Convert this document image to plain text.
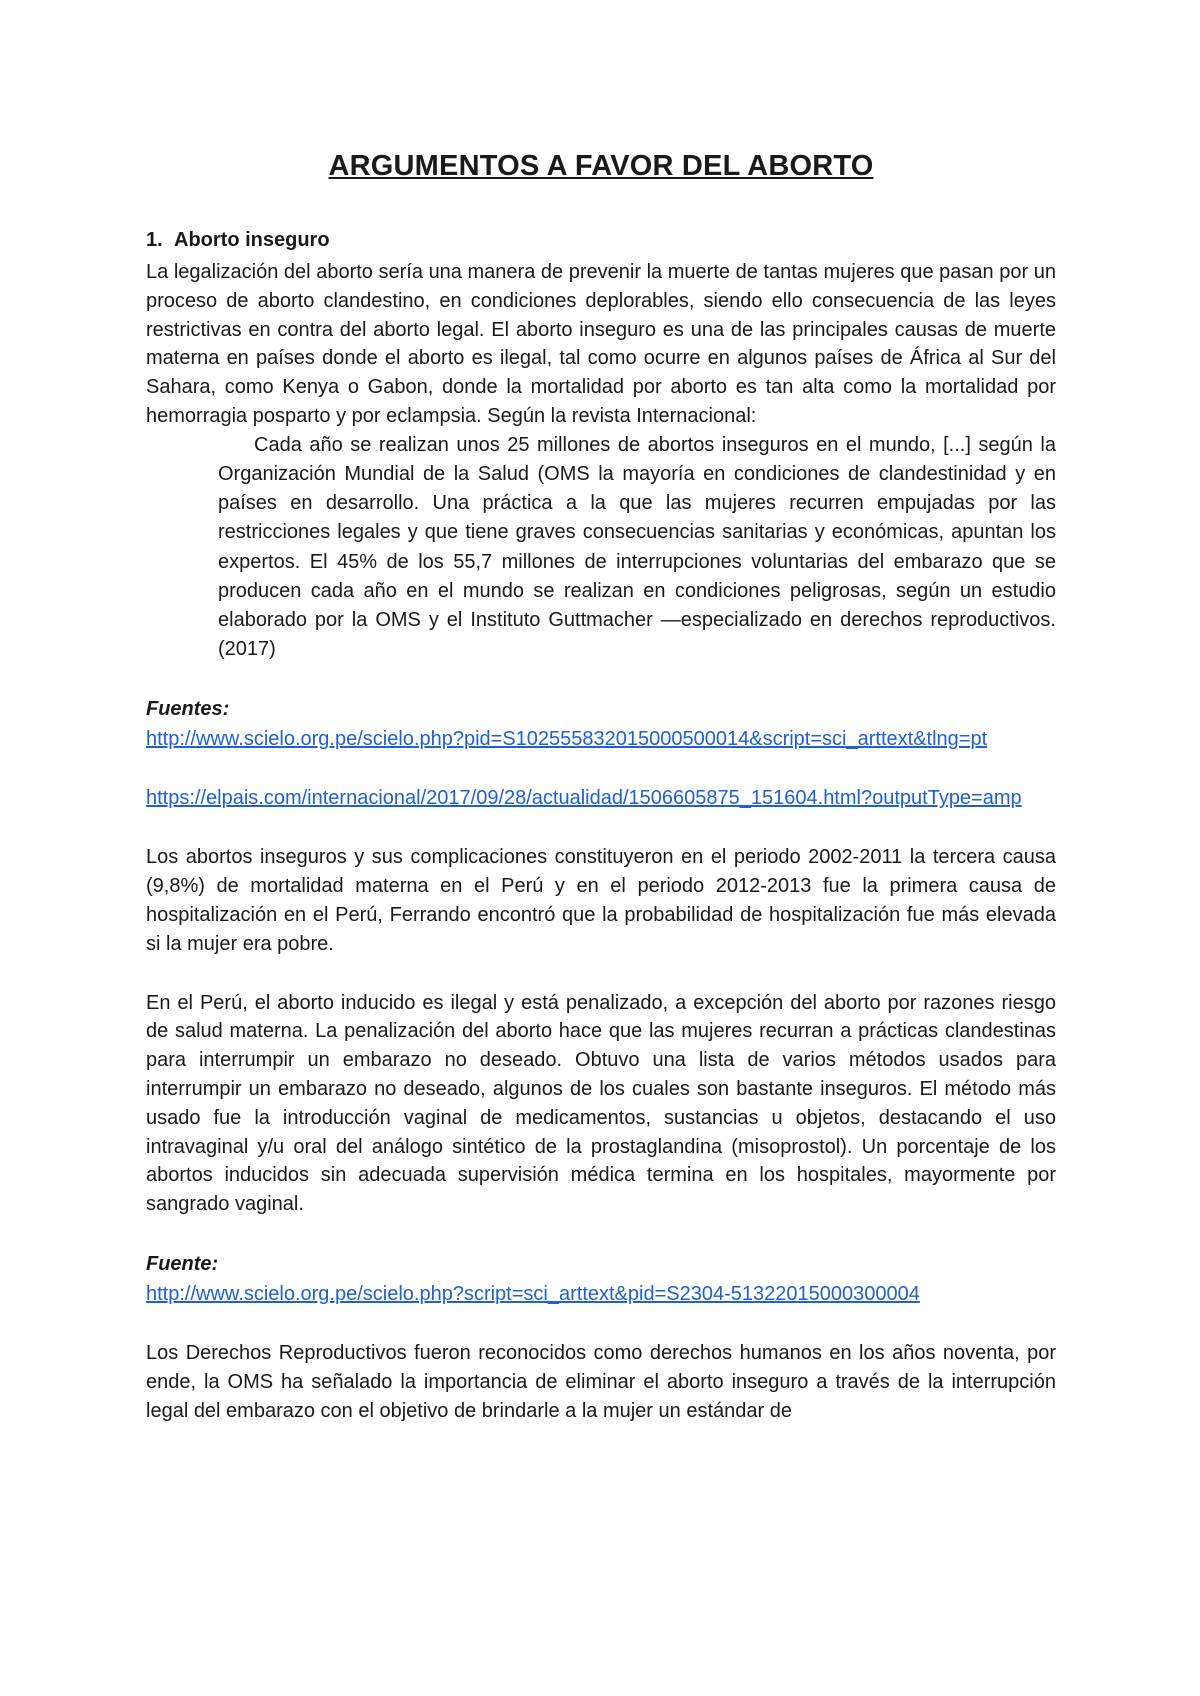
ARGUMENTOS A FAVOR DEL ABORTO
1. Aborto inseguro

La legalización del aborto sería una manera de prevenir la muerte de tantas mujeres que pasan por un proceso de aborto clandestino, en condiciones deplorables, siendo ello consecuencia de las leyes restrictivas en contra del aborto legal. El aborto inseguro es una de las principales causas de muerte materna en países donde el aborto es ilegal, tal como ocurre en algunos países de África al Sur del Sahara, como Kenya o Gabon, donde la mortalidad por aborto es tan alta como la mortalidad por hemorragia posparto y por eclampsia. Según la revista Internacional:

Cada año se realizan unos 25 millones de abortos inseguros en el mundo, [...] según la Organización Mundial de la Salud (OMS la mayoría en condiciones de clandestinidad y en países en desarrollo. Una práctica a la que las mujeres recurren empujadas por las restricciones legales y que tiene graves consecuencias sanitarias y económicas, apuntan los expertos. El 45% de los 55,7 millones de interrupciones voluntarias del embarazo que se producen cada año en el mundo se realizan en condiciones peligrosas, según un estudio elaborado por la OMS y el Instituto Guttmacher —especializado en derechos reproductivos. (2017)
Fuentes:
http://www.scielo.org.pe/scielo.php?pid=S102555832015000500014&script=sci_arttext&tlng=pt
https://elpais.com/internacional/2017/09/28/actualidad/1506605875_151604.html?outputType=amp

Los abortos inseguros y sus complicaciones constituyeron en el periodo 2002-2011 la tercera causa (9,8%) de mortalidad materna en el Perú y en el periodo 2012-2013 fue la primera causa de hospitalización en el Perú, Ferrando encontró que la probabilidad de hospitalización fue más elevada si la mujer era pobre.

En el Perú, el aborto inducido es ilegal y está penalizado, a excepción del aborto por razones riesgo de salud materna. La penalización del aborto hace que las mujeres recurran a prácticas clandestinas para interrumpir un embarazo no deseado. Obtuvo una lista de varios métodos usados para interrumpir un embarazo no deseado, algunos de los cuales son bastante inseguros. El método más usado fue la introducción vaginal de medicamentos, sustancias u objetos, destacando el uso intravaginal y/u oral del análogo sintético de la prostaglandina (misoprostol). Un porcentaje de los abortos inducidos sin adecuada supervisión médica termina en los hospitales, mayormente por sangrado vaginal.

Fuente:
http://www.scielo.org.pe/scielo.php?script=sci_arttext&pid=S2304-51322015000300004

Los Derechos Reproductivos fueron reconocidos como derechos humanos en los años noventa, por ende, la OMS ha señalado la importancia de eliminar el aborto inseguro a través de la interrupción legal del embarazo con el objetivo de brindarle a la mujer un estándar de
